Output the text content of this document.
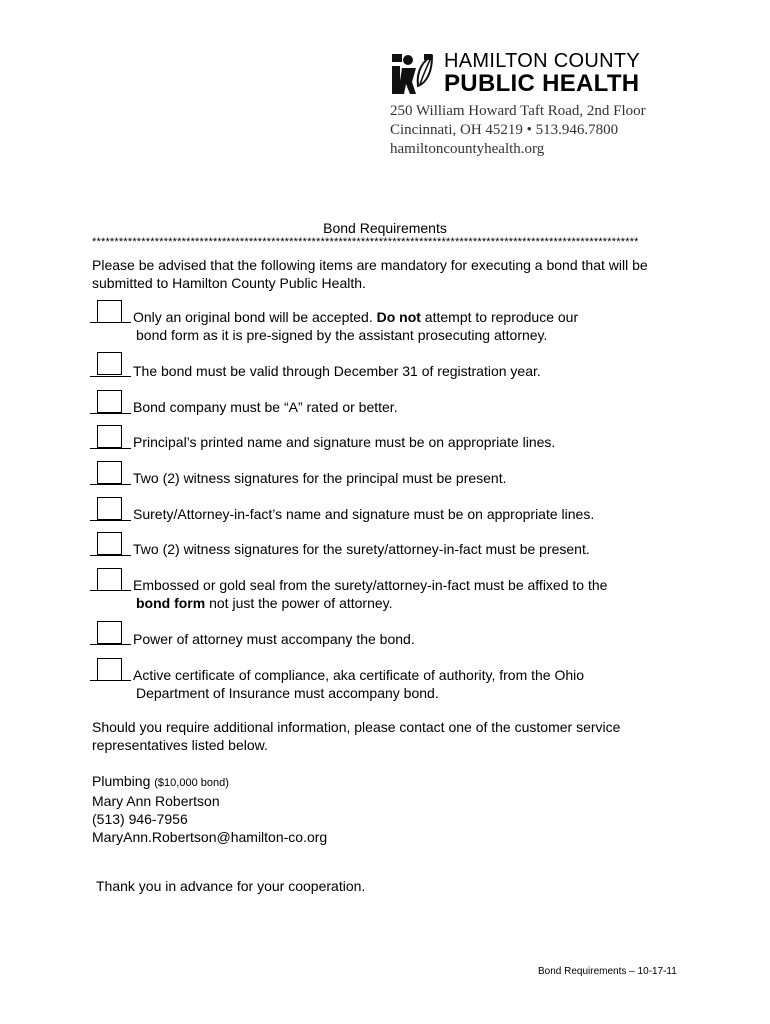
HAMILTON COUNTY
PUBLIC HEALTH
250 William Howard Taft Road, 2nd Floor
Cincinnati, OH 45219 • 513.946.7800
hamiltoncountyhealth.org
Bond Requirements
**************************************************************************************************************************
Please be advised that the following items are mandatory for executing a bond that will be submitted to Hamilton County Public Health.
Only an original bond will be accepted. Do not attempt to reproduce our
bond form as it is pre-signed by the assistant prosecuting attorney.
The bond must be valid through December 31 of registration year.
Bond company must be “A” rated or better.
Principal’s printed name and signature must be on appropriate lines.
Two (2) witness signatures for the principal must be present.
Surety/Attorney-in-fact’s name and signature must be on appropriate lines.
Two (2) witness signatures for the surety/attorney-in-fact must be present.
Embossed or gold seal from the surety/attorney-in-fact must be affixed to the
bond form not just the power of attorney.
Power of attorney must accompany the bond.
Active certificate of compliance, aka certificate of authority, from the Ohio
Department of Insurance must accompany bond.
Should you require additional information, please contact one of the customer service representatives listed below.
Plumbing ($10,000 bond)
Mary Ann Robertson
(513) 946-7956
MaryAnn.Robertson@hamilton-co.org
Thank you in advance for your cooperation.
Bond Requirements – 10-17-11
